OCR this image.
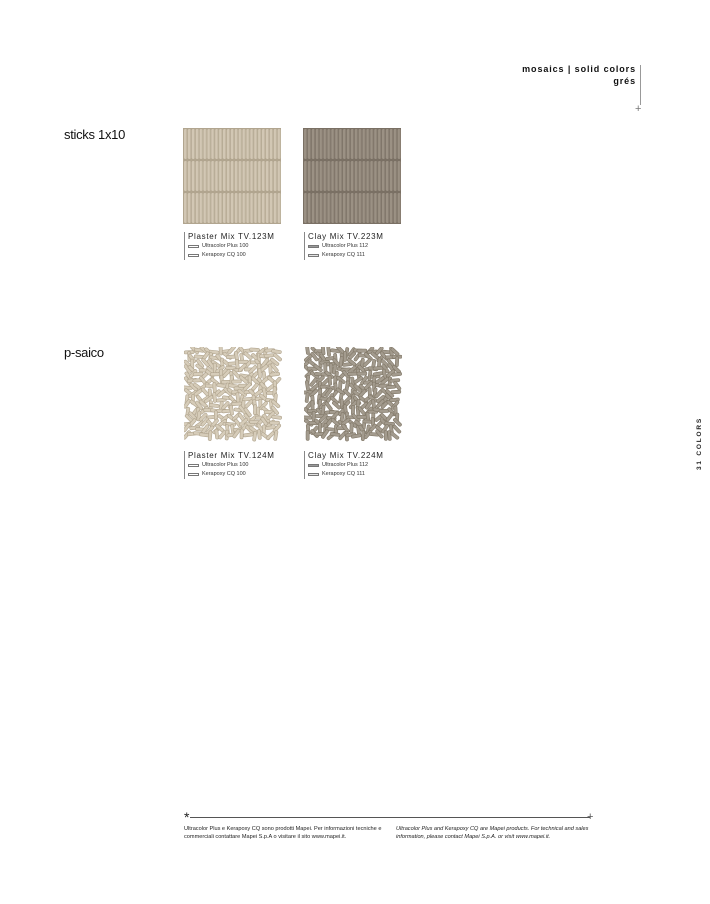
mosaics | solid colors
grés
+
sticks 1x10
Plaster Mix TV.123M
Ultracolor Plus 100
Kerapoxy CQ 100
Clay Mix TV.223M
Ultracolor Plus 112
Kerapoxy CQ 111
p-saico
Plaster Mix TV.124M
Ultracolor Plus 100
Kerapoxy CQ 100
Clay Mix TV.224M
Ultracolor Plus 112
Kerapoxy CQ 111
31 COLORS
*	+
Ultracolor Plus e Kerapoxy CQ sono prodotti Mapei. Per informazioni tecniche e commerciali contattare Mapei S.p.A o visitare il sito www.mapei.it.
Ultracolor Plus and Kerapoxy CQ are Mapei products. For technical and sales information, please contact Mapei S.p.A. or visit www.mapei.it.
